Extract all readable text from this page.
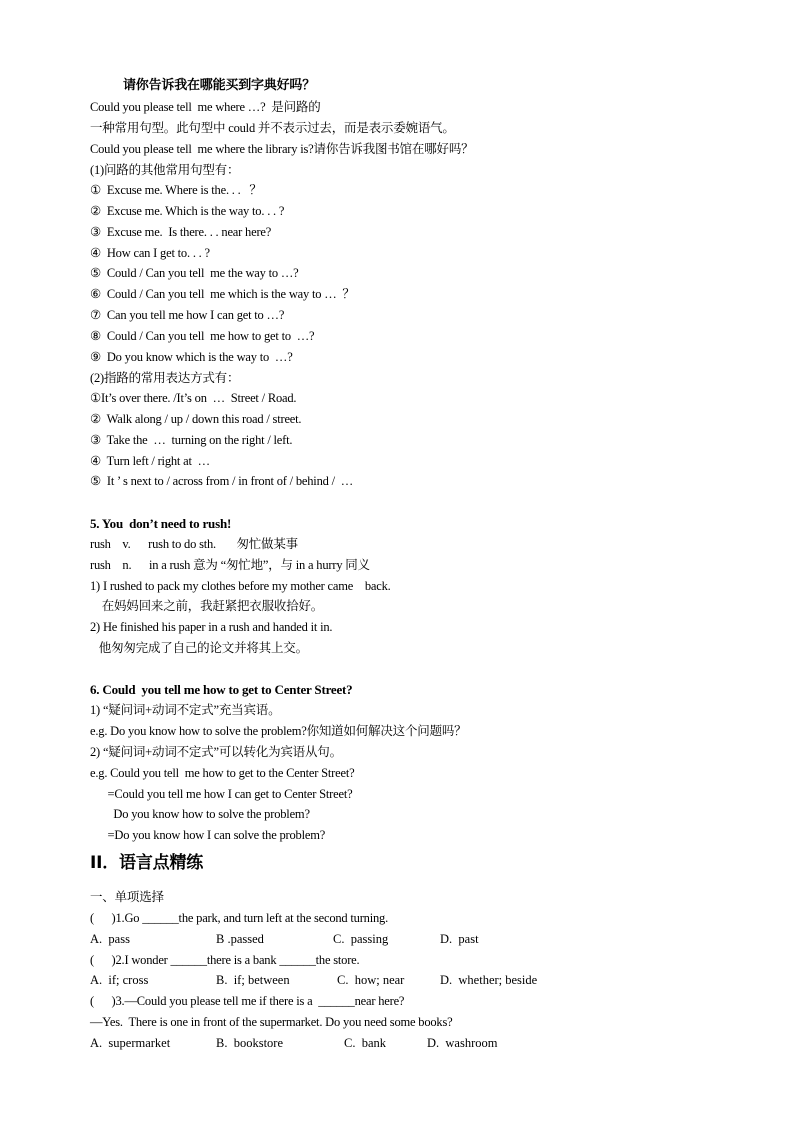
请你告诉我在哪能买到字典好吗？
Could you please tell  me where …?  是问路的
一种常用句型。此句型中 could 并不表示过去，而是表示委婉语气。
Could you please tell  me where the library is?请你告诉我图书馆在哪好吗？
(1)问路的其他常用句型有：
①  Excuse me. Where is the. . .   ？
②  Excuse me. Which is the way to. . . ?
③  Excuse me.  Is there. . . near here?
④  How can I get to. . . ?
⑤  Could / Can you tell  me the way to …?
⑥  Could / Can you tell  me which is the way to …  ？
⑦  Can you tell me how I can get to …?
⑧  Could / Can you tell  me how to get to  …?
⑨  Do you know which is the way to  …?
(2)指路的常用表达方式有：
①It’s over there. /It’s on  …  Street / Road.
②  Walk along / up / down this road / street.
③  Take the  …  turning on the right / left.
④  Turn left / right at  …
⑤  It ’ s next to / across from / in front of / behind /  …
5. You  don’t need to rush!
rush    v.      rush to do sth.       匆忙做某事
rush    n.      in a rush 意为 “匆忙地”，与 in a hurry 同义
1) I rushed to pack my clothes before my mother came    back.
在妈妈回来之前，我赶紧把衣服收拾好。
2) He finished his paper in a rush and handed it in.
他匆匆完成了自己的论文并将其上交。
6. Could  you tell me how to get to Center Street?
1) “疑问词+动词不定式”充当宾语。
e.g. Do you know how to solve the problem?你知道如何解决这个问题吗？
2) “疑问词+动词不定式”可以转化为宾语从句。
e.g. Could you tell  me how to get to the Center Street?
=Could you tell me how I can get to Center Street?
Do you know how to solve the problem?
=Do you know how I can solve the problem?
II．语言点精练
一、单项选择
(      )1.Go ______the park, and turn left at the second turning.
A.  pass	B .passed	C.  passing	D.  past
(      )2.I wonder ______there is a bank ______the store.
A.  if; cross	B.  if; between	C.  how; near	D.  whether; beside
(      )3.—Could you please tell me if there is a  ______near here?
—Yes.  There is one in front of the supermarket. Do you need some books?
A.  supermarket	B.  bookstore	C.  bank	D.  washroom
